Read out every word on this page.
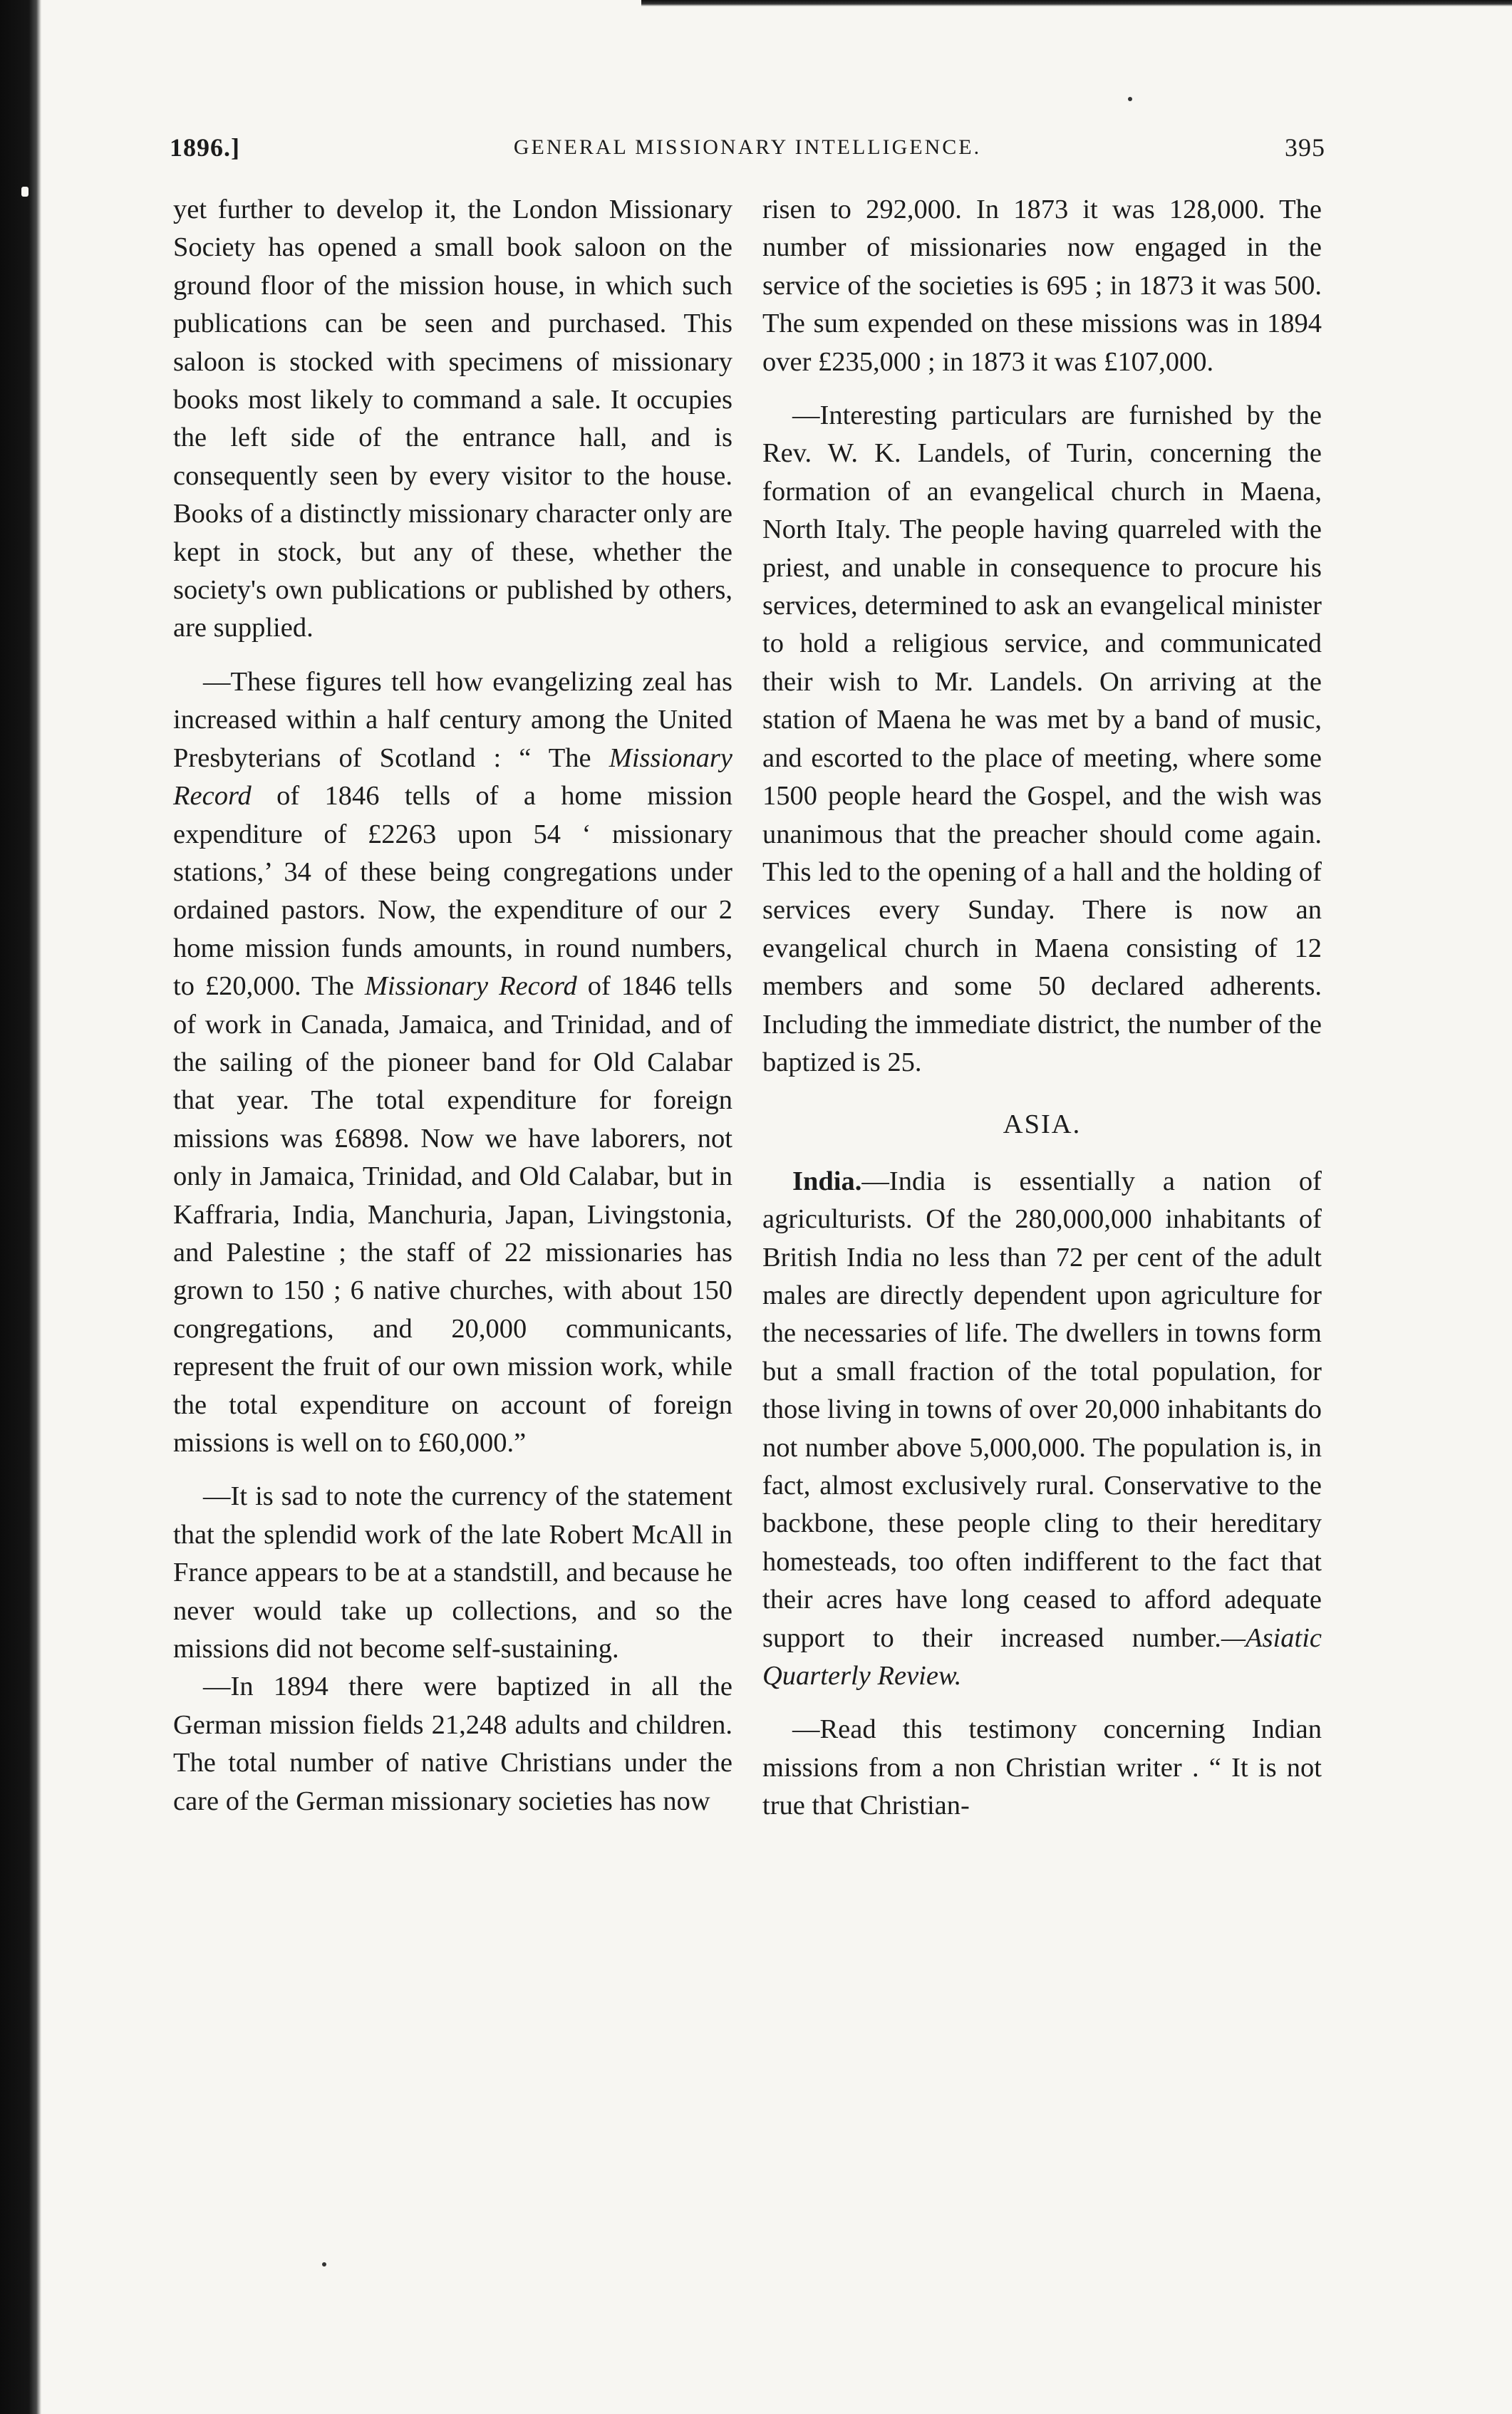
1896.]	GENERAL MISSIONARY INTELLIGENCE.	395

yet further to develop it, the London Missionary Society has opened a small book saloon on the ground floor of the mission house, in which such publications can be seen and purchased. This saloon is stocked with specimens of missionary books most likely to command a sale. It occupies the left side of the entrance hall, and is consequently seen by every visitor to the house. Books of a distinctly missionary character only are kept in stock, but any of these, whether the society's own publications or published by others, are supplied.

—These figures tell how evangelizing zeal has increased within a half century among the United Presbyterians of Scotland : “ The Missionary Record of 1846 tells of a home mission expenditure of £2263 upon 54 ‘ missionary stations,’ 34 of these being congregations under ordained pastors. Now, the expenditure of our 2 home mission funds amounts, in round numbers, to £20,000. The Missionary Record of 1846 tells of work in Canada, Jamaica, and Trinidad, and of the sailing of the pioneer band for Old Calabar that year. The total expenditure for foreign missions was £6898. Now we have laborers, not only in Jamaica, Trinidad, and Old Calabar, but in Kaffraria, India, Manchuria, Japan, Livingstonia, and Palestine ; the staff of 22 missionaries has grown to 150 ; 6 native churches, with about 150 congregations, and 20,000 communicants, represent the fruit of our own mission work, while the total expenditure on account of foreign missions is well on to £60,000.”

—It is sad to note the currency of the statement that the splendid work of the late Robert McAll in France appears to be at a standstill, and because he never would take up collections, and so the missions did not become self-sustaining.

—In 1894 there were baptized in all the German mission fields 21,248 adults and children. The total number of native Christians under the care of the German missionary societies has now

risen to 292,000. In 1873 it was 128,000. The number of missionaries now engaged in the service of the societies is 695 ; in 1873 it was 500. The sum expended on these missions was in 1894 over £235,000 ; in 1873 it was £107,000.

—Interesting particulars are furnished by the Rev. W. K. Landels, of Turin, concerning the formation of an evangelical church in Maena, North Italy. The people having quarreled with the priest, and unable in consequence to procure his services, determined to ask an evangelical minister to hold a religious service, and communicated their wish to Mr. Landels. On arriving at the station of Maena he was met by a band of music, and escorted to the place of meeting, where some 1500 people heard the Gospel, and the wish was unanimous that the preacher should come again. This led to the opening of a hall and the holding of services every Sunday. There is now an evangelical church in Maena consisting of 12 members and some 50 declared adherents. Including the immediate district, the number of the baptized is 25.

ASIA.

India.—India is essentially a nation of agriculturists. Of the 280,000,000 inhabitants of British India no less than 72 per cent of the adult males are directly dependent upon agriculture for the necessaries of life. The dwellers in towns form but a small fraction of the total population, for those living in towns of over 20,000 inhabitants do not number above 5,000,000. The population is, in fact, almost exclusively rural. Conservative to the backbone, these people cling to their hereditary homesteads, too often indifferent to the fact that their acres have long ceased to afford adequate support to their increased number.—Asiatic Quarterly Review.

—Read this testimony concerning Indian missions from a non Christian writer . “ It is not true that Christian-
